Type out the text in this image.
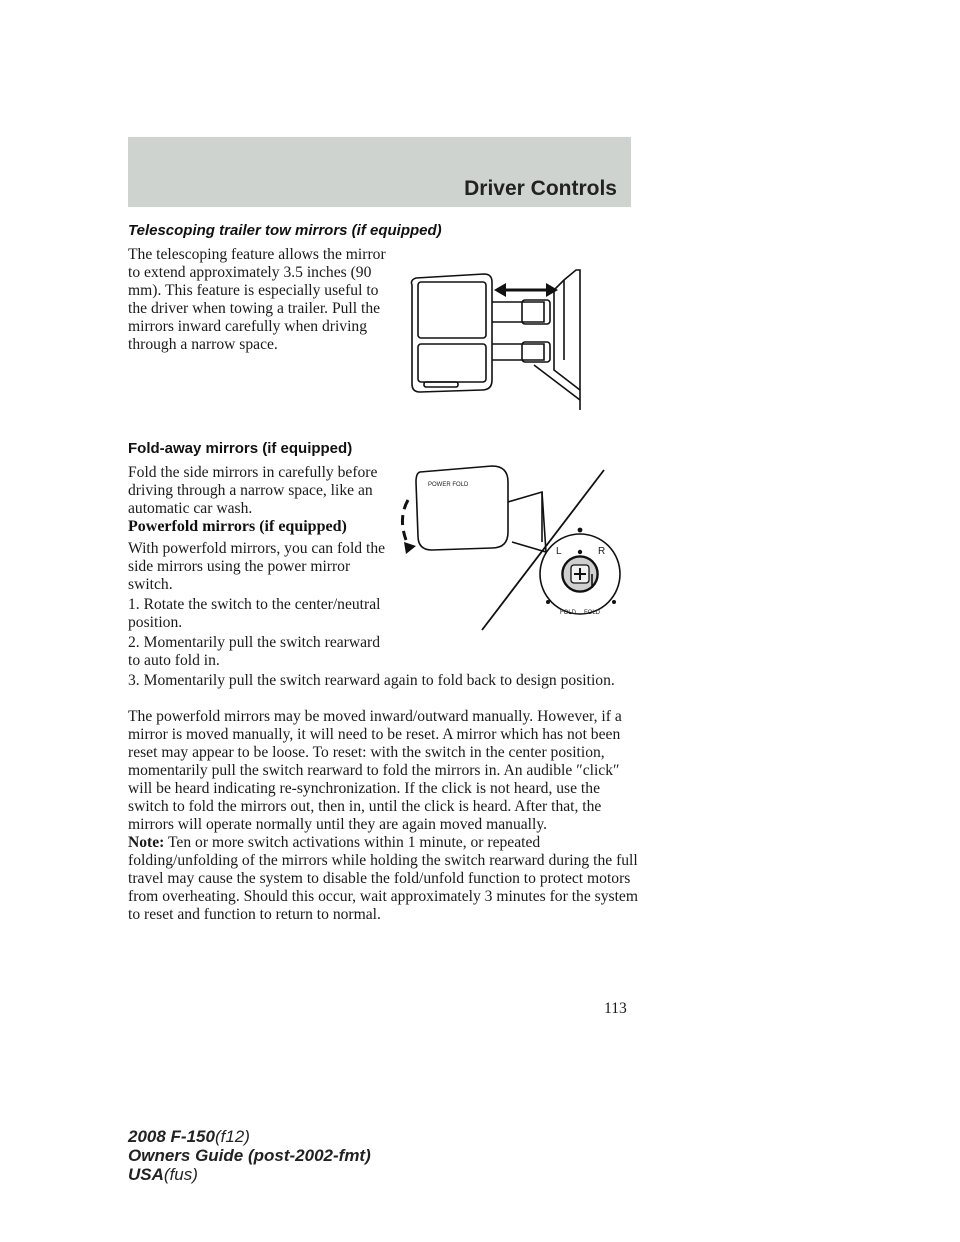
Driver Controls
Telescoping trailer tow mirrors (if equipped)

The telescoping feature allows the mirror to extend approximately 3.5 inches (90 mm). This feature is especially useful to the driver when towing a trailer. Pull the mirrors inward carefully when driving through a narrow space.

Fold-away mirrors (if equipped)

Fold the side mirrors in carefully before driving through a narrow space, like an automatic car wash.

Powerfold mirrors (if equipped)

With powerfold mirrors, you can fold the side mirrors using the power mirror switch.

1. Rotate the switch to the center/neutral position.

2. Momentarily pull the switch rearward to auto fold in.

3. Momentarily pull the switch rearward again to fold back to design position.

The powerfold mirrors may be moved inward/outward manually. However, if a mirror is moved manually, it will need to be reset. A mirror which has not been reset may appear to be loose. To reset: with the switch in the center position, momentarily pull the switch rearward to fold the mirrors in. An audible ″click″ will be heard indicating re-synchronization. If the click is not heard, use the switch to fold the mirrors out, then in, until the click is heard. After that, the mirrors will operate normally until they are again moved manually.

Note: Ten or more switch activations within 1 minute, or repeated folding/unfolding of the mirrors while holding the switch rearward during the full travel may cause the system to disable the fold/unfold function to protect motors from overheating. Should this occur, wait approximately 3 minutes for the system to reset and function to return to normal.

POWER FOLD
L	R
FOLD FOLD
113
2008 F-150(f12)
Owners Guide (post-2002-fmt)
USA(fus)
